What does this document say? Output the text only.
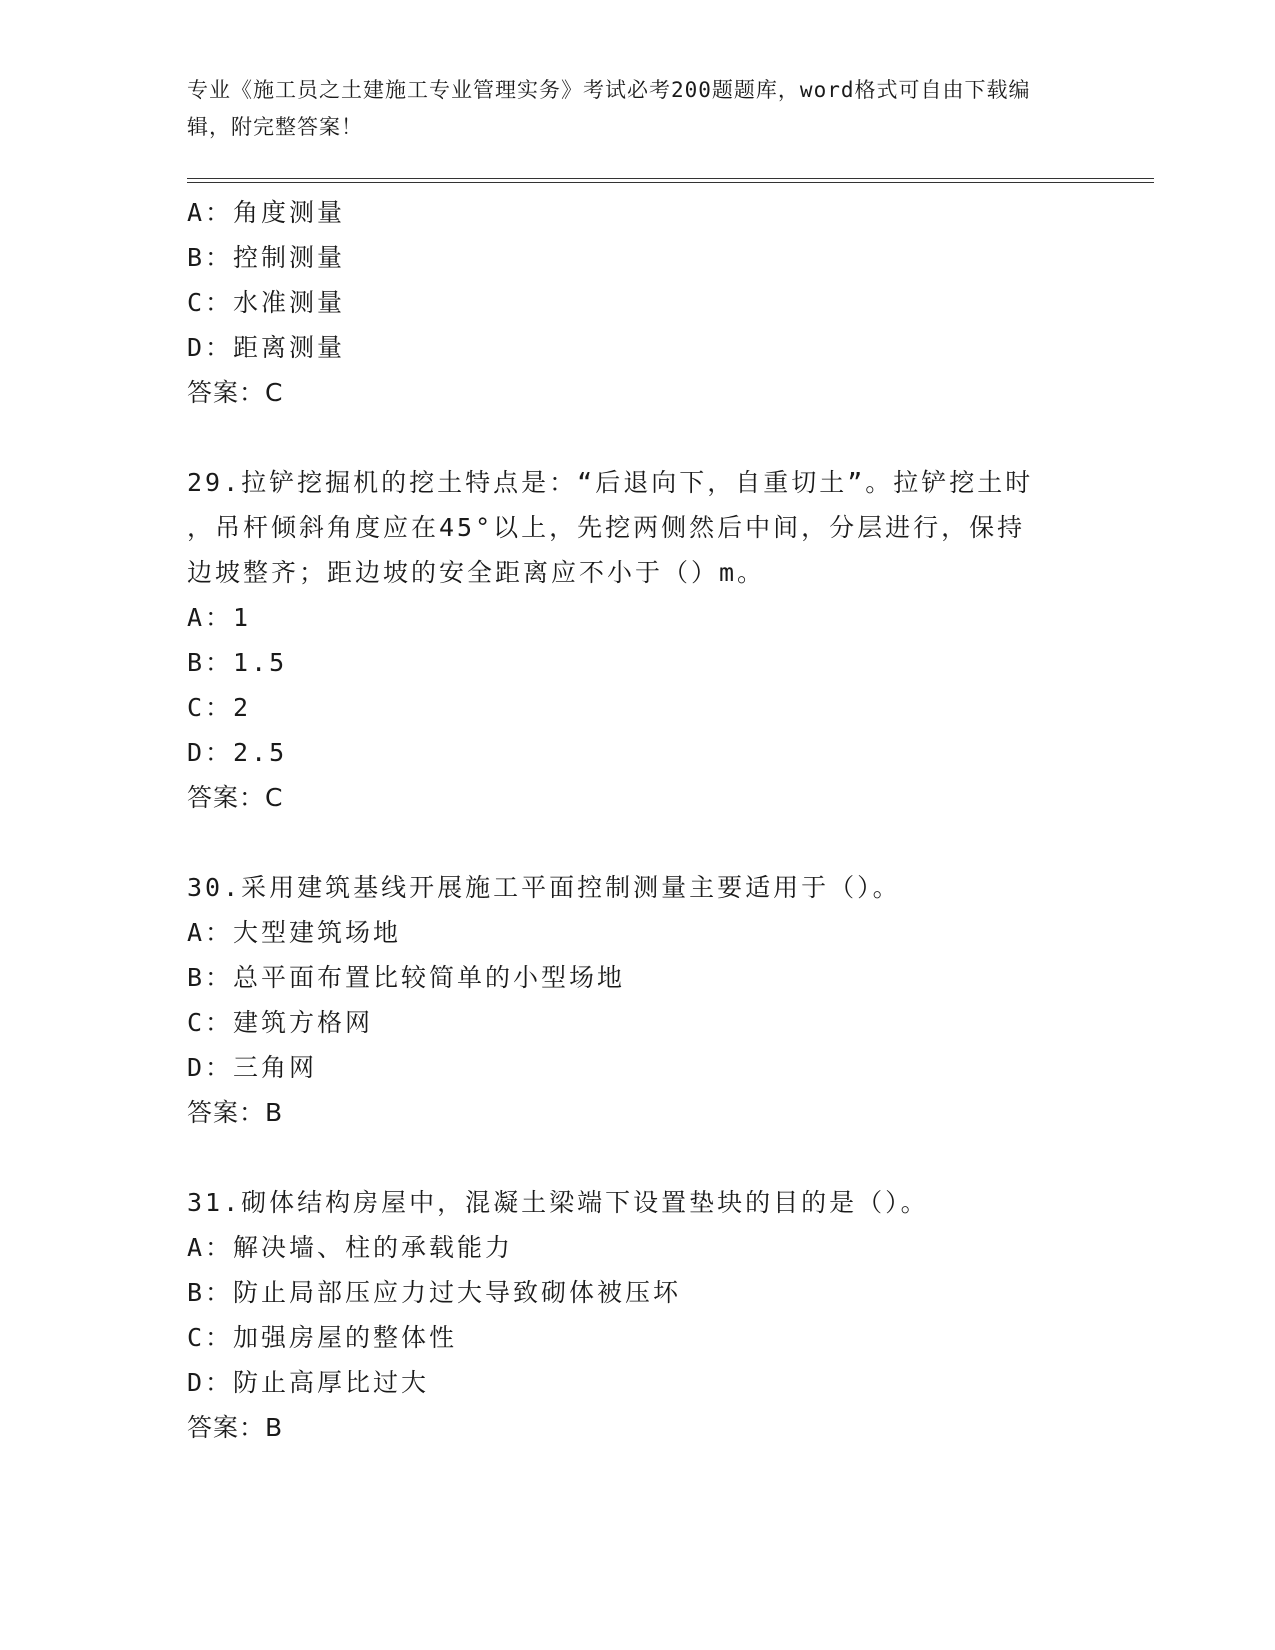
专业《施工员之土建施工专业管理实务》考试必考200题题库，word格式可自由下载编辑，附完整答案！
A：角度测量
B：控制测量
C：水准测量
D：距离测量
答案：C
29.拉铲挖掘机的挖土特点是：“后退向下，自重切土”。拉铲挖土时
，吊杆倾斜角度应在45°以上，先挖两侧然后中间，分层进行，保持
边坡整齐；距边坡的安全距离应不小于（）m。
A：1
B：1.5
C：2
D：2.5
答案：C
30.采用建筑基线开展施工平面控制测量主要适用于（）。
A：大型建筑场地
B：总平面布置比较简单的小型场地
C：建筑方格网
D：三角网
答案：B
31.砌体结构房屋中，混凝土梁端下设置垫块的目的是（）。
A：解决墙、柱的承载能力
B：防止局部压应力过大导致砌体被压坏
C：加强房屋的整体性
D：防止高厚比过大
答案：B
